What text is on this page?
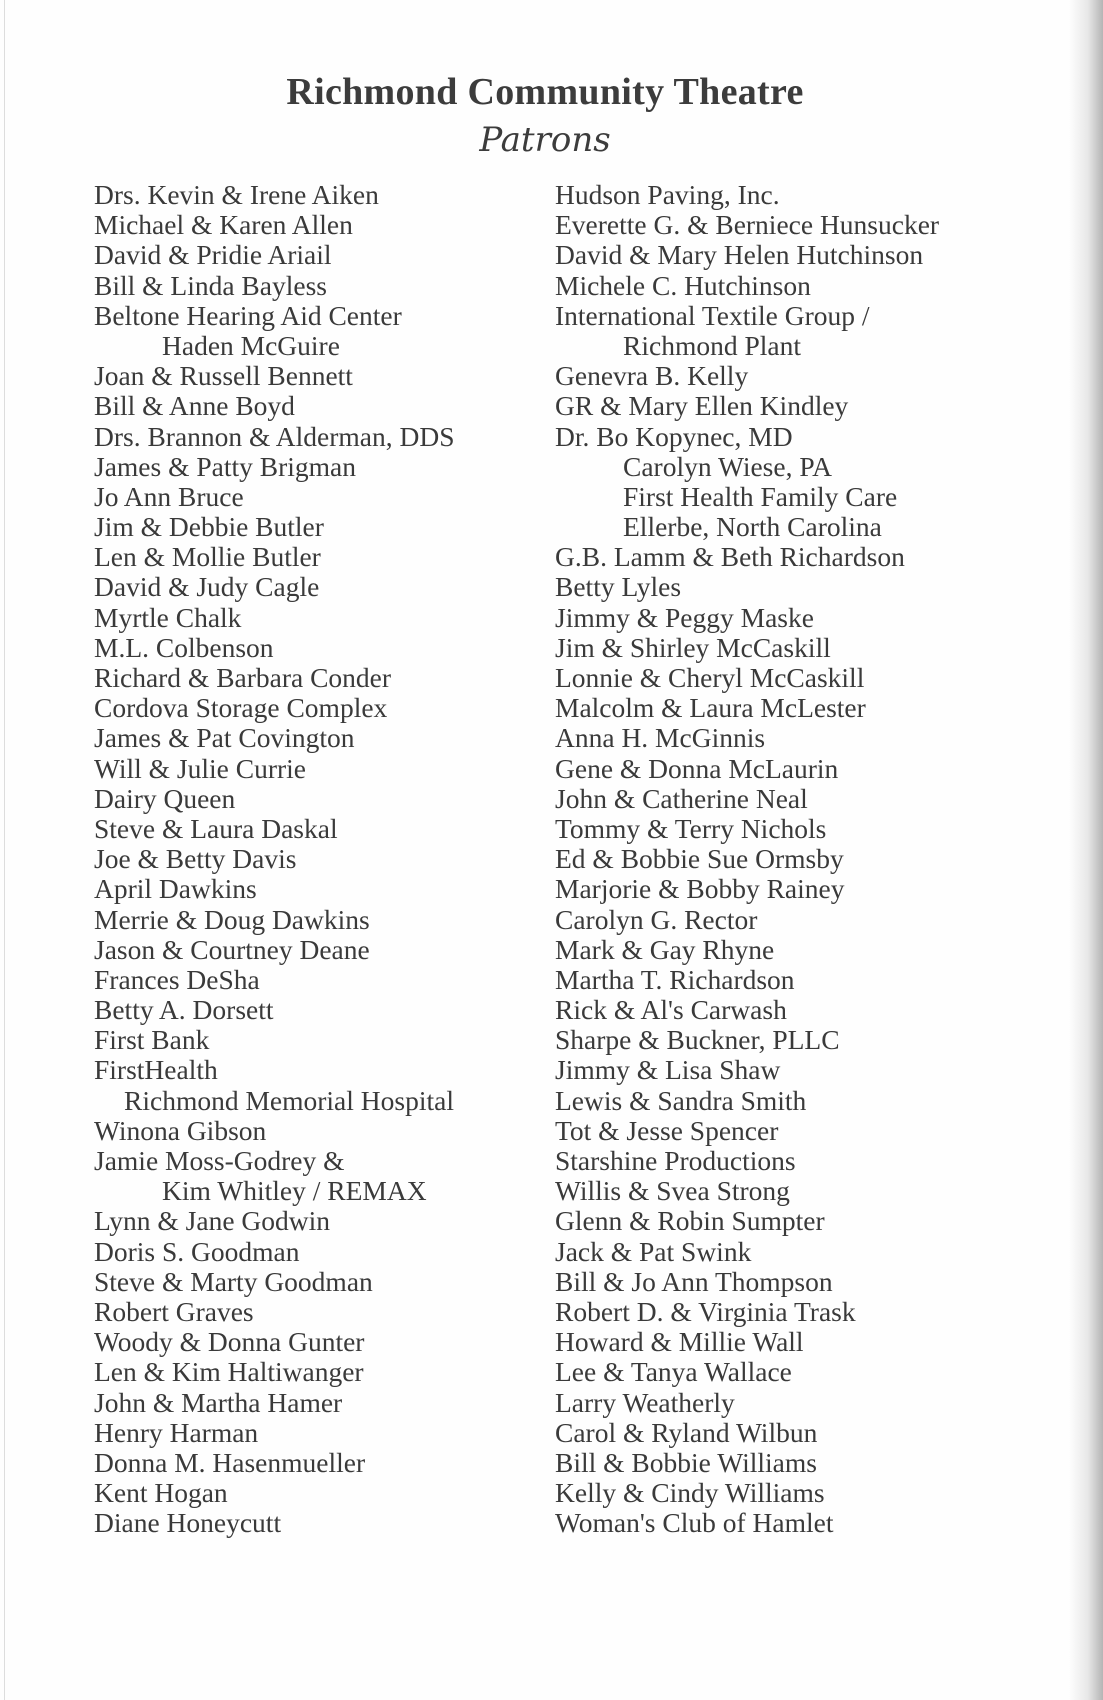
Richmond Community Theatre
Patrons
Drs. Kevin & Irene Aiken
Michael & Karen Allen
David & Pridie Ariail
Bill & Linda Bayless
Beltone Hearing Aid Center
Haden McGuire
Joan & Russell Bennett
Bill & Anne Boyd
Drs. Brannon & Alderman, DDS
James & Patty Brigman
Jo Ann Bruce
Jim & Debbie Butler
Len & Mollie Butler
David & Judy Cagle
Myrtle Chalk
M.L. Colbenson
Richard & Barbara Conder
Cordova Storage Complex
James & Pat Covington
Will & Julie Currie
Dairy Queen
Steve & Laura Daskal
Joe & Betty Davis
April Dawkins
Merrie & Doug Dawkins
Jason & Courtney Deane
Frances DeSha
Betty A. Dorsett
First Bank
FirstHealth
Richmond Memorial Hospital
Winona Gibson
Jamie Moss-Godrey &
Kim Whitley / REMAX
Lynn & Jane Godwin
Doris S. Goodman
Steve & Marty Goodman
Robert Graves
Woody & Donna Gunter
Len & Kim Haltiwanger
John & Martha Hamer
Henry Harman
Donna M. Hasenmueller
Kent Hogan
Diane Honeycutt
Hudson Paving, Inc.
Everette G. & Berniece Hunsucker
David & Mary Helen Hutchinson
Michele C. Hutchinson
International Textile Group /
Richmond Plant
Genevra B. Kelly
GR & Mary Ellen Kindley
Dr. Bo Kopynec, MD
Carolyn Wiese, PA
First Health Family Care
Ellerbe, North Carolina
G.B. Lamm & Beth Richardson
Betty Lyles
Jimmy & Peggy Maske
Jim & Shirley McCaskill
Lonnie & Cheryl McCaskill
Malcolm & Laura McLester
Anna H. McGinnis
Gene & Donna McLaurin
John & Catherine Neal
Tommy & Terry Nichols
Ed & Bobbie Sue Ormsby
Marjorie & Bobby Rainey
Carolyn G. Rector
Mark & Gay Rhyne
Martha T. Richardson
Rick & Al's Carwash
Sharpe & Buckner, PLLC
Jimmy & Lisa Shaw
Lewis & Sandra Smith
Tot & Jesse Spencer
Starshine Productions
Willis & Svea Strong
Glenn & Robin Sumpter
Jack & Pat Swink
Bill & Jo Ann Thompson
Robert D. & Virginia Trask
Howard & Millie Wall
Lee & Tanya Wallace
Larry Weatherly
Carol & Ryland Wilbun
Bill & Bobbie Williams
Kelly & Cindy Williams
Woman's Club of Hamlet
